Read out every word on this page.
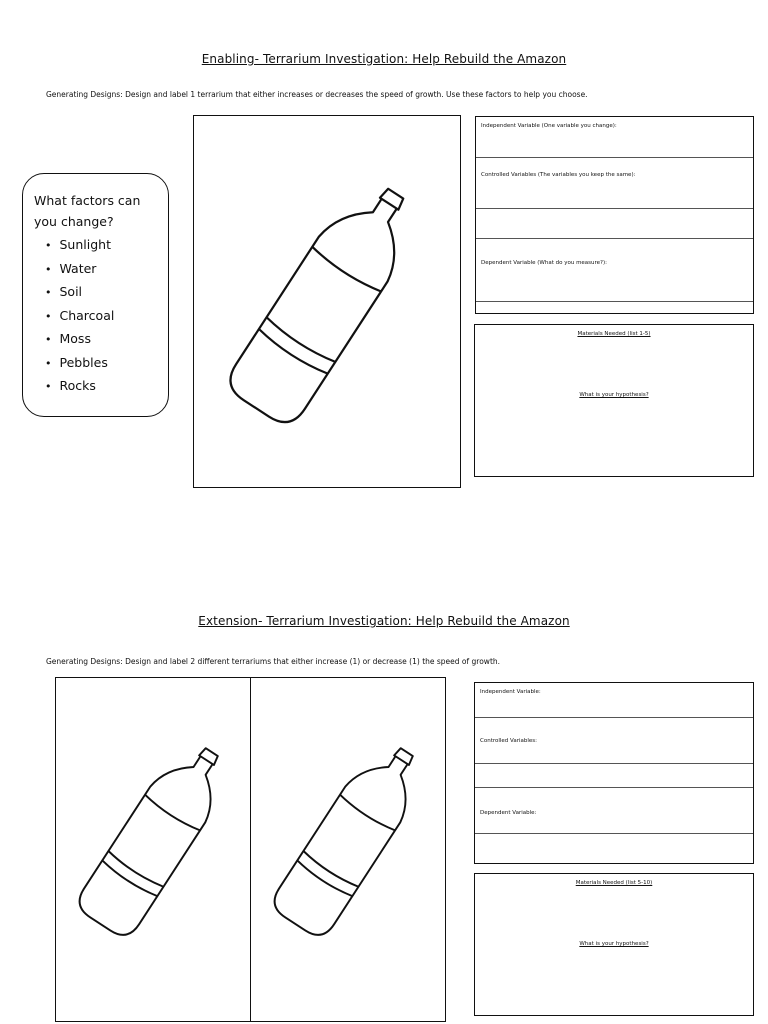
Enabling- Terrarium Investigation: Help Rebuild the Amazon
Generating Designs: Design and label 1 terrarium that either increases or decreases the speed of growth. Use these factors to help you choose.
What factors can you change?
• Sunlight
• Water
• Soil
• Charcoal
• Moss
• Pebbles
• Rocks
Independent Variable (One variable you change):
Controlled Variables (The variables you keep the same):
Dependent Variable (What do you measure?):
Materials Needed (list 1-5)
What is your hypothesis?
Extension- Terrarium Investigation: Help Rebuild the Amazon
Generating Designs: Design and label 2 different terrariums that either increase (1) or decrease (1) the speed of growth.
Independent Variable:
Controlled Variables:
Dependent Variable:
Materials Needed (list 5-10)
What is your hypothesis?
